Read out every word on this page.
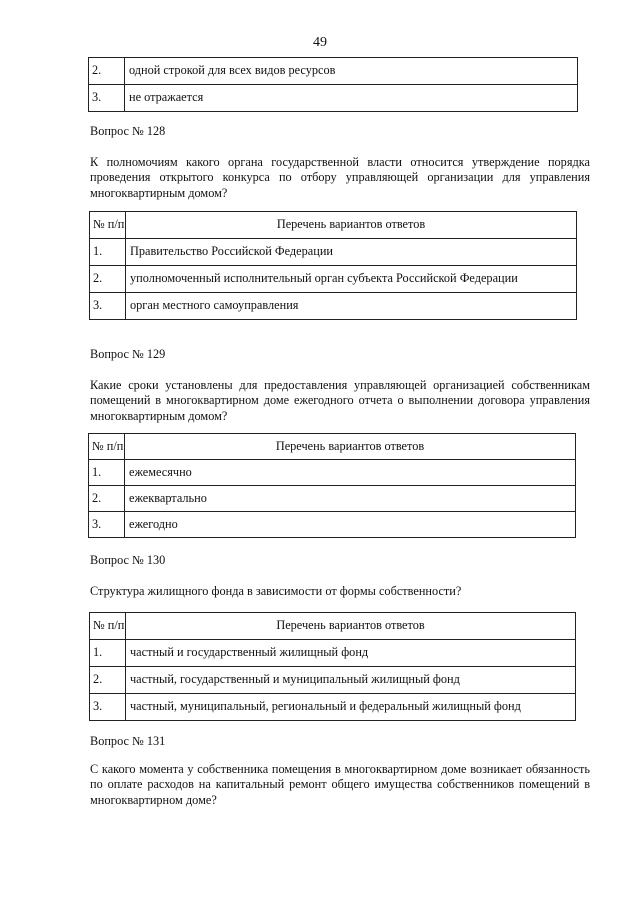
49
2.	одной строкой для всех видов ресурсов
3.	не отражается
Вопрос № 128
К полномочиям какого органа государственной власти относится утверждение порядка проведения открытого конкурса по отбору управляющей организации для управления многоквартирным домом?
№ п/п	Перечень вариантов ответов
1.	Правительство Российской Федерации
2.	уполномоченный исполнительный орган субъекта Российской Федерации
3.	орган местного самоуправления
Вопрос № 129
Какие сроки установлены для предоставления управляющей организацией собственникам помещений в многоквартирном доме ежегодного отчета о выполнении договора управления многоквартирным домом?
№ п/п	Перечень вариантов ответов
1.	ежемесячно
2.	ежеквартально
3.	ежегодно
Вопрос № 130
Структура жилищного фонда в зависимости от формы собственности?
№ п/п	Перечень вариантов ответов
1.	частный и государственный жилищный фонд
2.	частный, государственный и муниципальный жилищный фонд
3.	частный, муниципальный, региональный и федеральный жилищный фонд
Вопрос № 131
С какого момента у собственника помещения в многоквартирном доме возникает обязанность по оплате расходов на капитальный ремонт общего имущества собственников помещений в многоквартирном доме?
